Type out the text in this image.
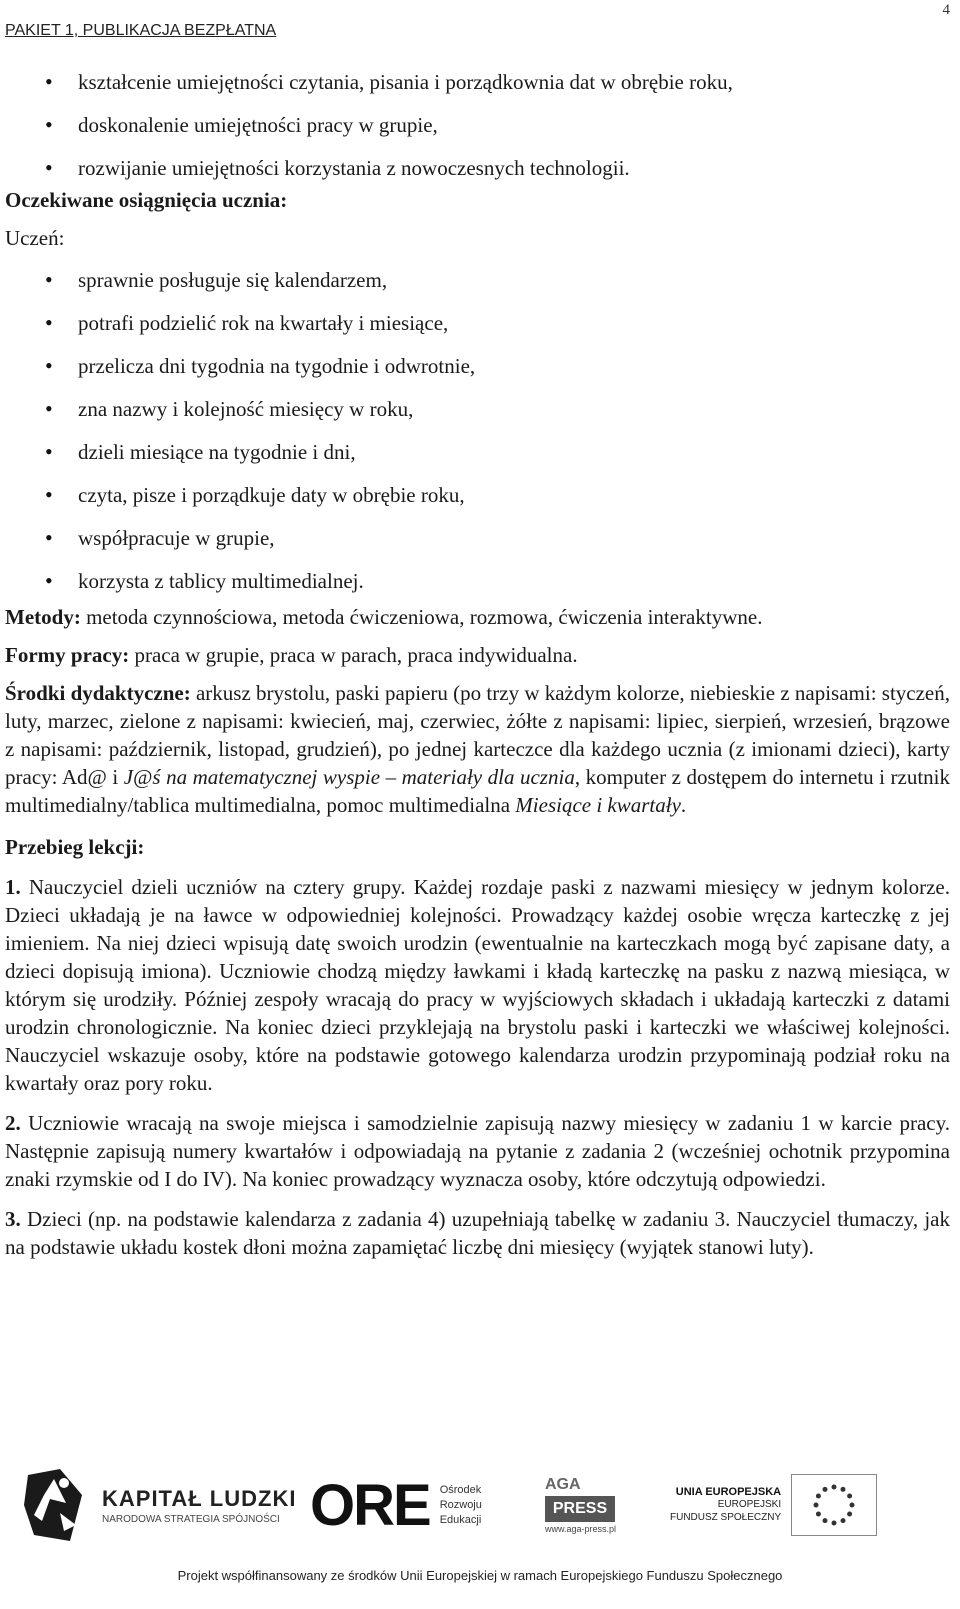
PAKIET 1, PUBLIKACJA BEZPŁATNA
4
• kształcenie umiejętności czytania, pisania i porządkownia dat w obrębie roku,
• doskonalenie umiejętności pracy w grupie,
• rozwijanie umiejętności korzystania z nowoczesnych technologii.

Oczekiwane osiągnięcia ucznia:

Uczeń:

• sprawnie posługuje się kalendarzem,
• potrafi podzielić rok na kwartały i miesiące,
• przelicza dni tygodnia na tygodnie i odwrotnie,
• zna nazwy i kolejność miesięcy w roku,
• dzieli miesiące na tygodnie i dni,
• czyta, pisze i porządkuje daty w obrębie roku,
• współpracuje w grupie,
• korzysta z tablicy multimedialnej.

Metody: metoda czynnościowa, metoda ćwiczeniowa, rozmowa, ćwiczenia interaktywne.

Formy pracy: praca w grupie, praca w parach, praca indywidualna.

Środki dydaktyczne: arkusz brystolu, paski papieru (po trzy w każdym kolorze, niebieskie z napisami: styczeń, luty, marzec, zielone z napisami: kwiecień, maj, czerwiec, żółte z napisami: lipiec, sierpień, wrzesień, brązowe z napisami: październik, listopad, grudzień), po jednej karteczce dla każdego ucznia (z imionami dzieci), karty pracy: Ad@ i J@ś na matematycznej wyspie – materiały dla ucznia, komputer z dostępem do internetu i rzutnik multimedialny/tablica multimedialna, pomoc multimedialna Miesiące i kwartały.

Przebieg lekcji:

1. Nauczyciel dzieli uczniów na cztery grupy. Każdej rozdaje paski z nazwami miesięcy w jednym kolorze. Dzieci układają je na ławce w odpowiedniej kolejności. Prowadzący każdej osobie wręcza karteczkę z jej imieniem. Na niej dzieci wpisują datę swoich urodzin (ewentualnie na karteczkach mogą być zapisane daty, a dzieci dopisują imiona). Uczniowie chodzą między ławkami i kładą karteczkę na pasku z nazwą miesiąca, w którym się urodziły. Później zespoły wracają do pracy w wyjściowych składach i układają karteczki z datami urodzin chronologicznie. Na koniec dzieci przyklejają na brystolu paski i karteczki we właściwej kolejności. Nauczyciel wskazuje osoby, które na podstawie gotowego kalendarza urodzin przypominają podział roku na kwartały oraz pory roku.

2. Uczniowie wracają na swoje miejsca i samodzielnie zapisują nazwy miesięcy w zadaniu 1 w karcie pracy. Następnie zapisują numery kwartałów i odpowiadają na pytanie z zadania 2 (wcześniej ochotnik przypomina znaki rzymskie od I do IV). Na koniec prowadzący wyznacza osoby, które odczytują odpowiedzi.

3. Dzieci (np. na podstawie kalendarza z zadania 4) uzupełniają tabelkę w zadaniu 3. Nauczyciel tłumaczy, jak na podstawie układu kostek dłoni można zapamiętać liczbę dni miesięcy (wyjątek stanowi luty).

KAPITAŁ LUDZKI
NARODOWA STRATEGIA SPÓJNOŚCI ORE Ośrodek
Rozwoju
Edukacji
AGA
PRESS
www.aga-press.pl
UNIA EUROPEJSKA
EUROPEJSKI
FUNDUSZ SPOŁECZNY
Projekt współfinansowany ze środków Unii Europejskiej w ramach Europejskiego Funduszu Społecznego
